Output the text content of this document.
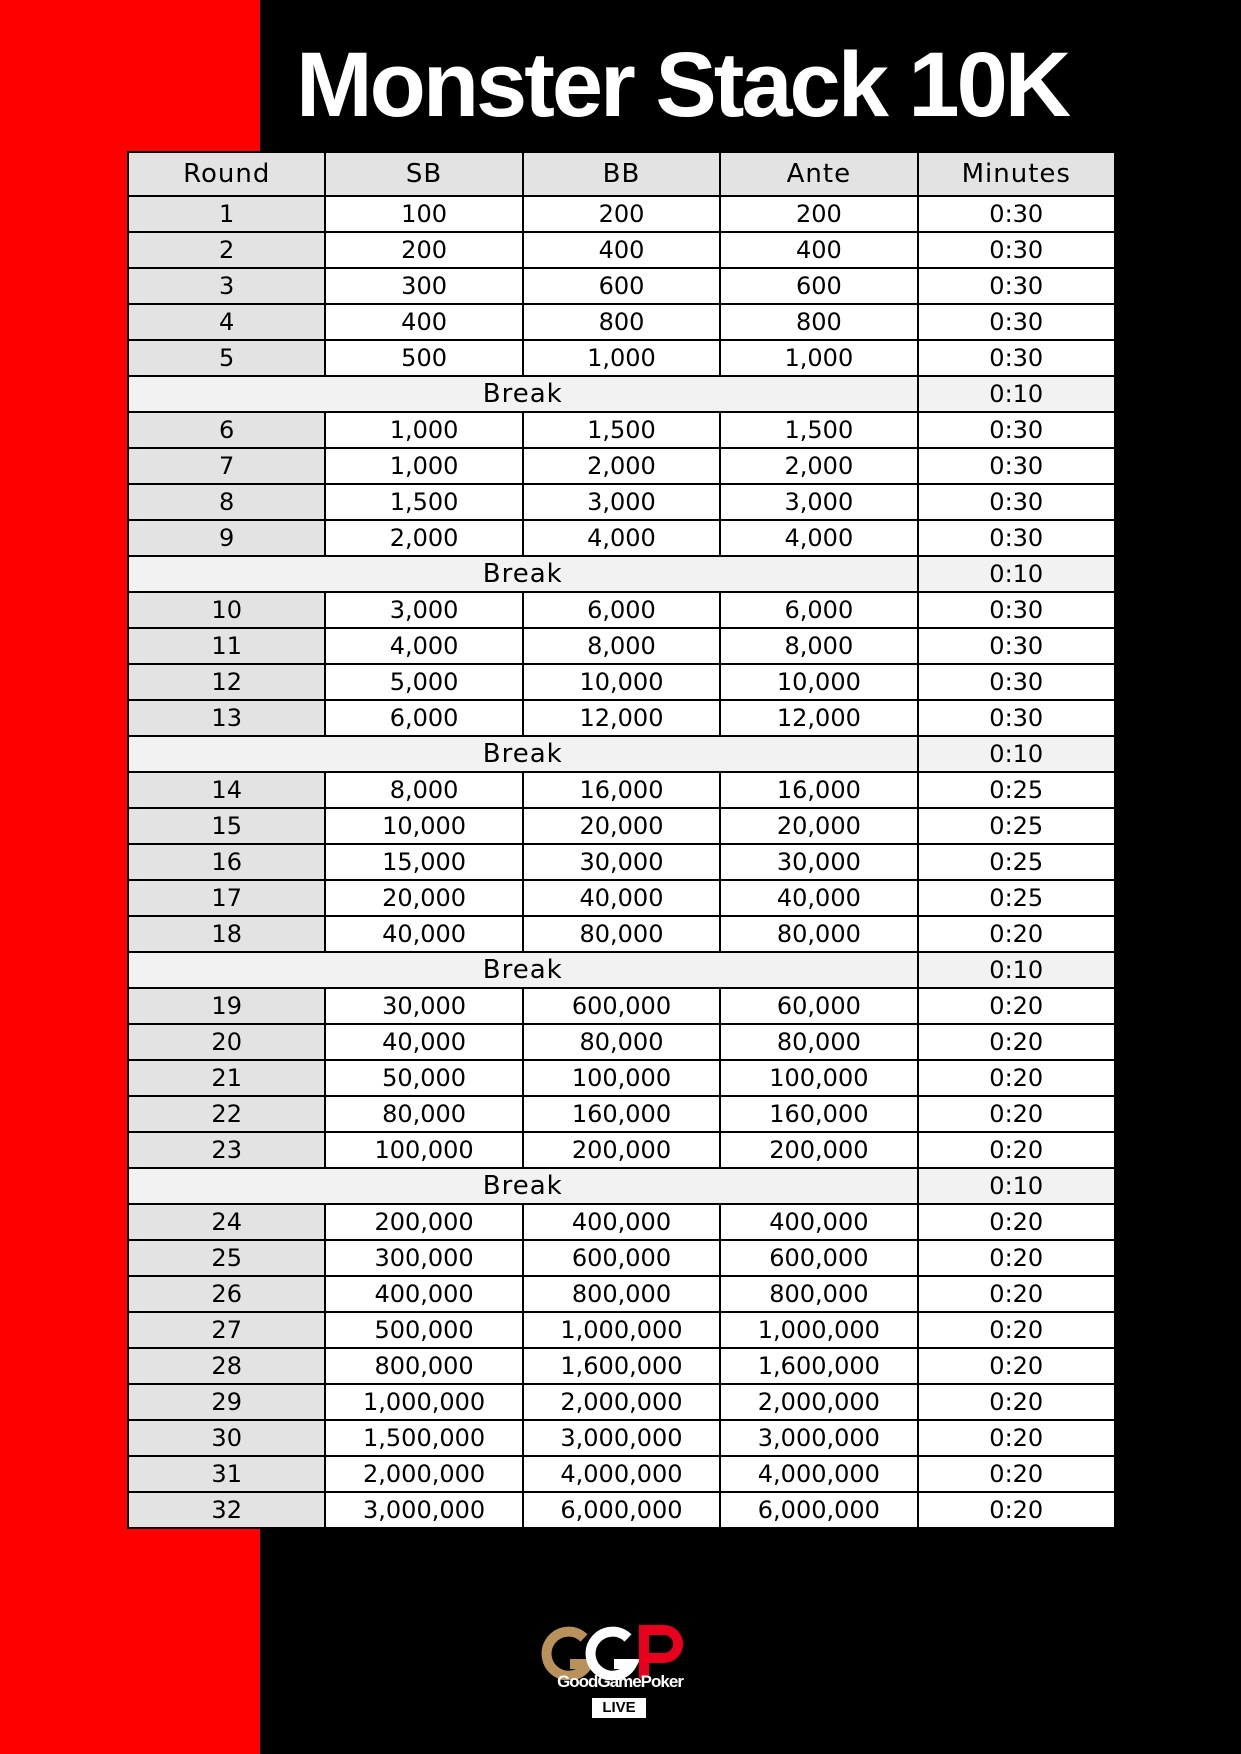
Monster Stack 10K
Round	SB	BB	Ante	Minutes
1	100	200	200	0:30
2	200	400	400	0:30
3	300	600	600	0:30
4	400	800	800	0:30
5	500	1,000	1,000	0:30
Break				0:10
6	1,000	1,500	1,500	0:30
7	1,000	2,000	2,000	0:30
8	1,500	3,000	3,000	0:30
9	2,000	4,000	4,000	0:30
Break				0:10
10	3,000	6,000	6,000	0:30
11	4,000	8,000	8,000	0:30
12	5,000	10,000	10,000	0:30
13	6,000	12,000	12,000	0:30
Break				0:10
14	8,000	16,000	16,000	0:25
15	10,000	20,000	20,000	0:25
16	15,000	30,000	30,000	0:25
17	20,000	40,000	40,000	0:25
18	40,000	80,000	80,000	0:20
Break				0:10
19	30,000	600,000	60,000	0:20
20	40,000	80,000	80,000	0:20
21	50,000	100,000	100,000	0:20
22	80,000	160,000	160,000	0:20
23	100,000	200,000	200,000	0:20
Break				0:10
24	200,000	400,000	400,000	0:20
25	300,000	600,000	600,000	0:20
26	400,000	800,000	800,000	0:20
27	500,000	1,000,000	1,000,000	0:20
28	800,000	1,600,000	1,600,000	0:20
29	1,000,000	2,000,000	2,000,000	0:20
30	1,500,000	3,000,000	3,000,000	0:20
31	2,000,000	4,000,000	4,000,000	0:20
32	3,000,000	6,000,000	6,000,000	0:20
GoodGamePoker
LIVE
